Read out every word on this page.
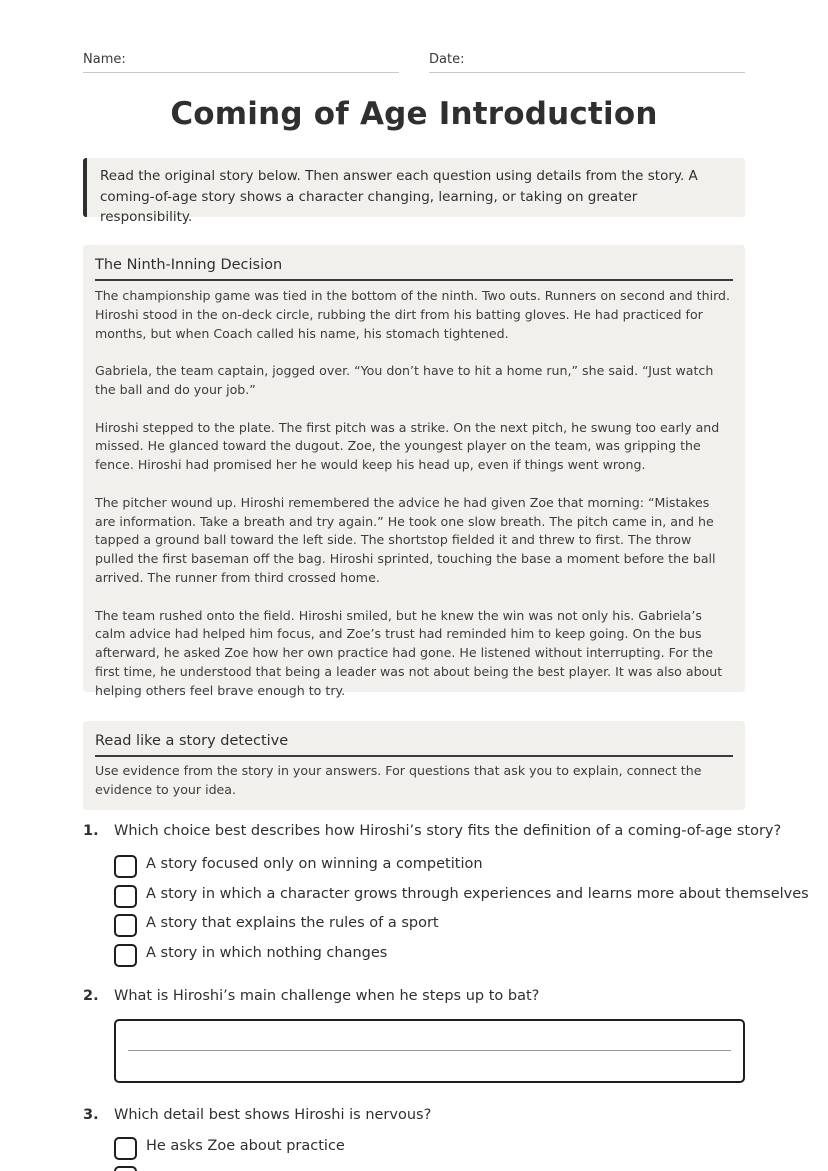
Name:	Date:
Coming of Age Introduction
Read the original story below. Then answer each question using details from the story. A coming-of-age story shows a character changing, learning, or taking on greater responsibility.
The Ninth-Inning Decision

The championship game was tied in the bottom of the ninth. Two outs. Runners on second and third. Hiroshi stood in the on-deck circle, rubbing the dirt from his batting gloves. He had practiced for months, but when Coach called his name, his stomach tightened.

Gabriela, the team captain, jogged over. “You don’t have to hit a home run,” she said. “Just watch the ball and do your job.”

Hiroshi stepped to the plate. The first pitch was a strike. On the next pitch, he swung too early and missed. He glanced toward the dugout. Zoe, the youngest player on the team, was gripping the fence. Hiroshi had promised her he would keep his head up, even if things went wrong.

The pitcher wound up. Hiroshi remembered the advice he had given Zoe that morning: “Mistakes are information. Take a breath and try again.” He took one slow breath. The pitch came in, and he tapped a ground ball toward the left side. The shortstop fielded it and threw to first. The throw pulled the first baseman off the bag. Hiroshi sprinted, touching the base a moment before the ball arrived. The runner from third crossed home.

The team rushed onto the field. Hiroshi smiled, but he knew the win was not only his. Gabriela’s calm advice had helped him focus, and Zoe’s trust had reminded him to keep going. On the bus afterward, he asked Zoe how her own practice had gone. He listened without interrupting. For the first time, he understood that being a leader was not about being the best player. It was also about helping others feel brave enough to try.

Read like a story detective

Use evidence from the story in your answers. For questions that ask you to explain, connect the evidence to your idea.

1. Which choice best describes how Hiroshi’s story fits the definition of a coming-of-age story?
A story focused only on winning a competition
A story in which a character grows through experiences and learns more about themselves
A story that explains the rules of a sport
A story in which nothing changes
2. What is Hiroshi’s main challenge when he steps up to bat?
3. Which detail best shows Hiroshi is nervous?
He asks Zoe about practice
